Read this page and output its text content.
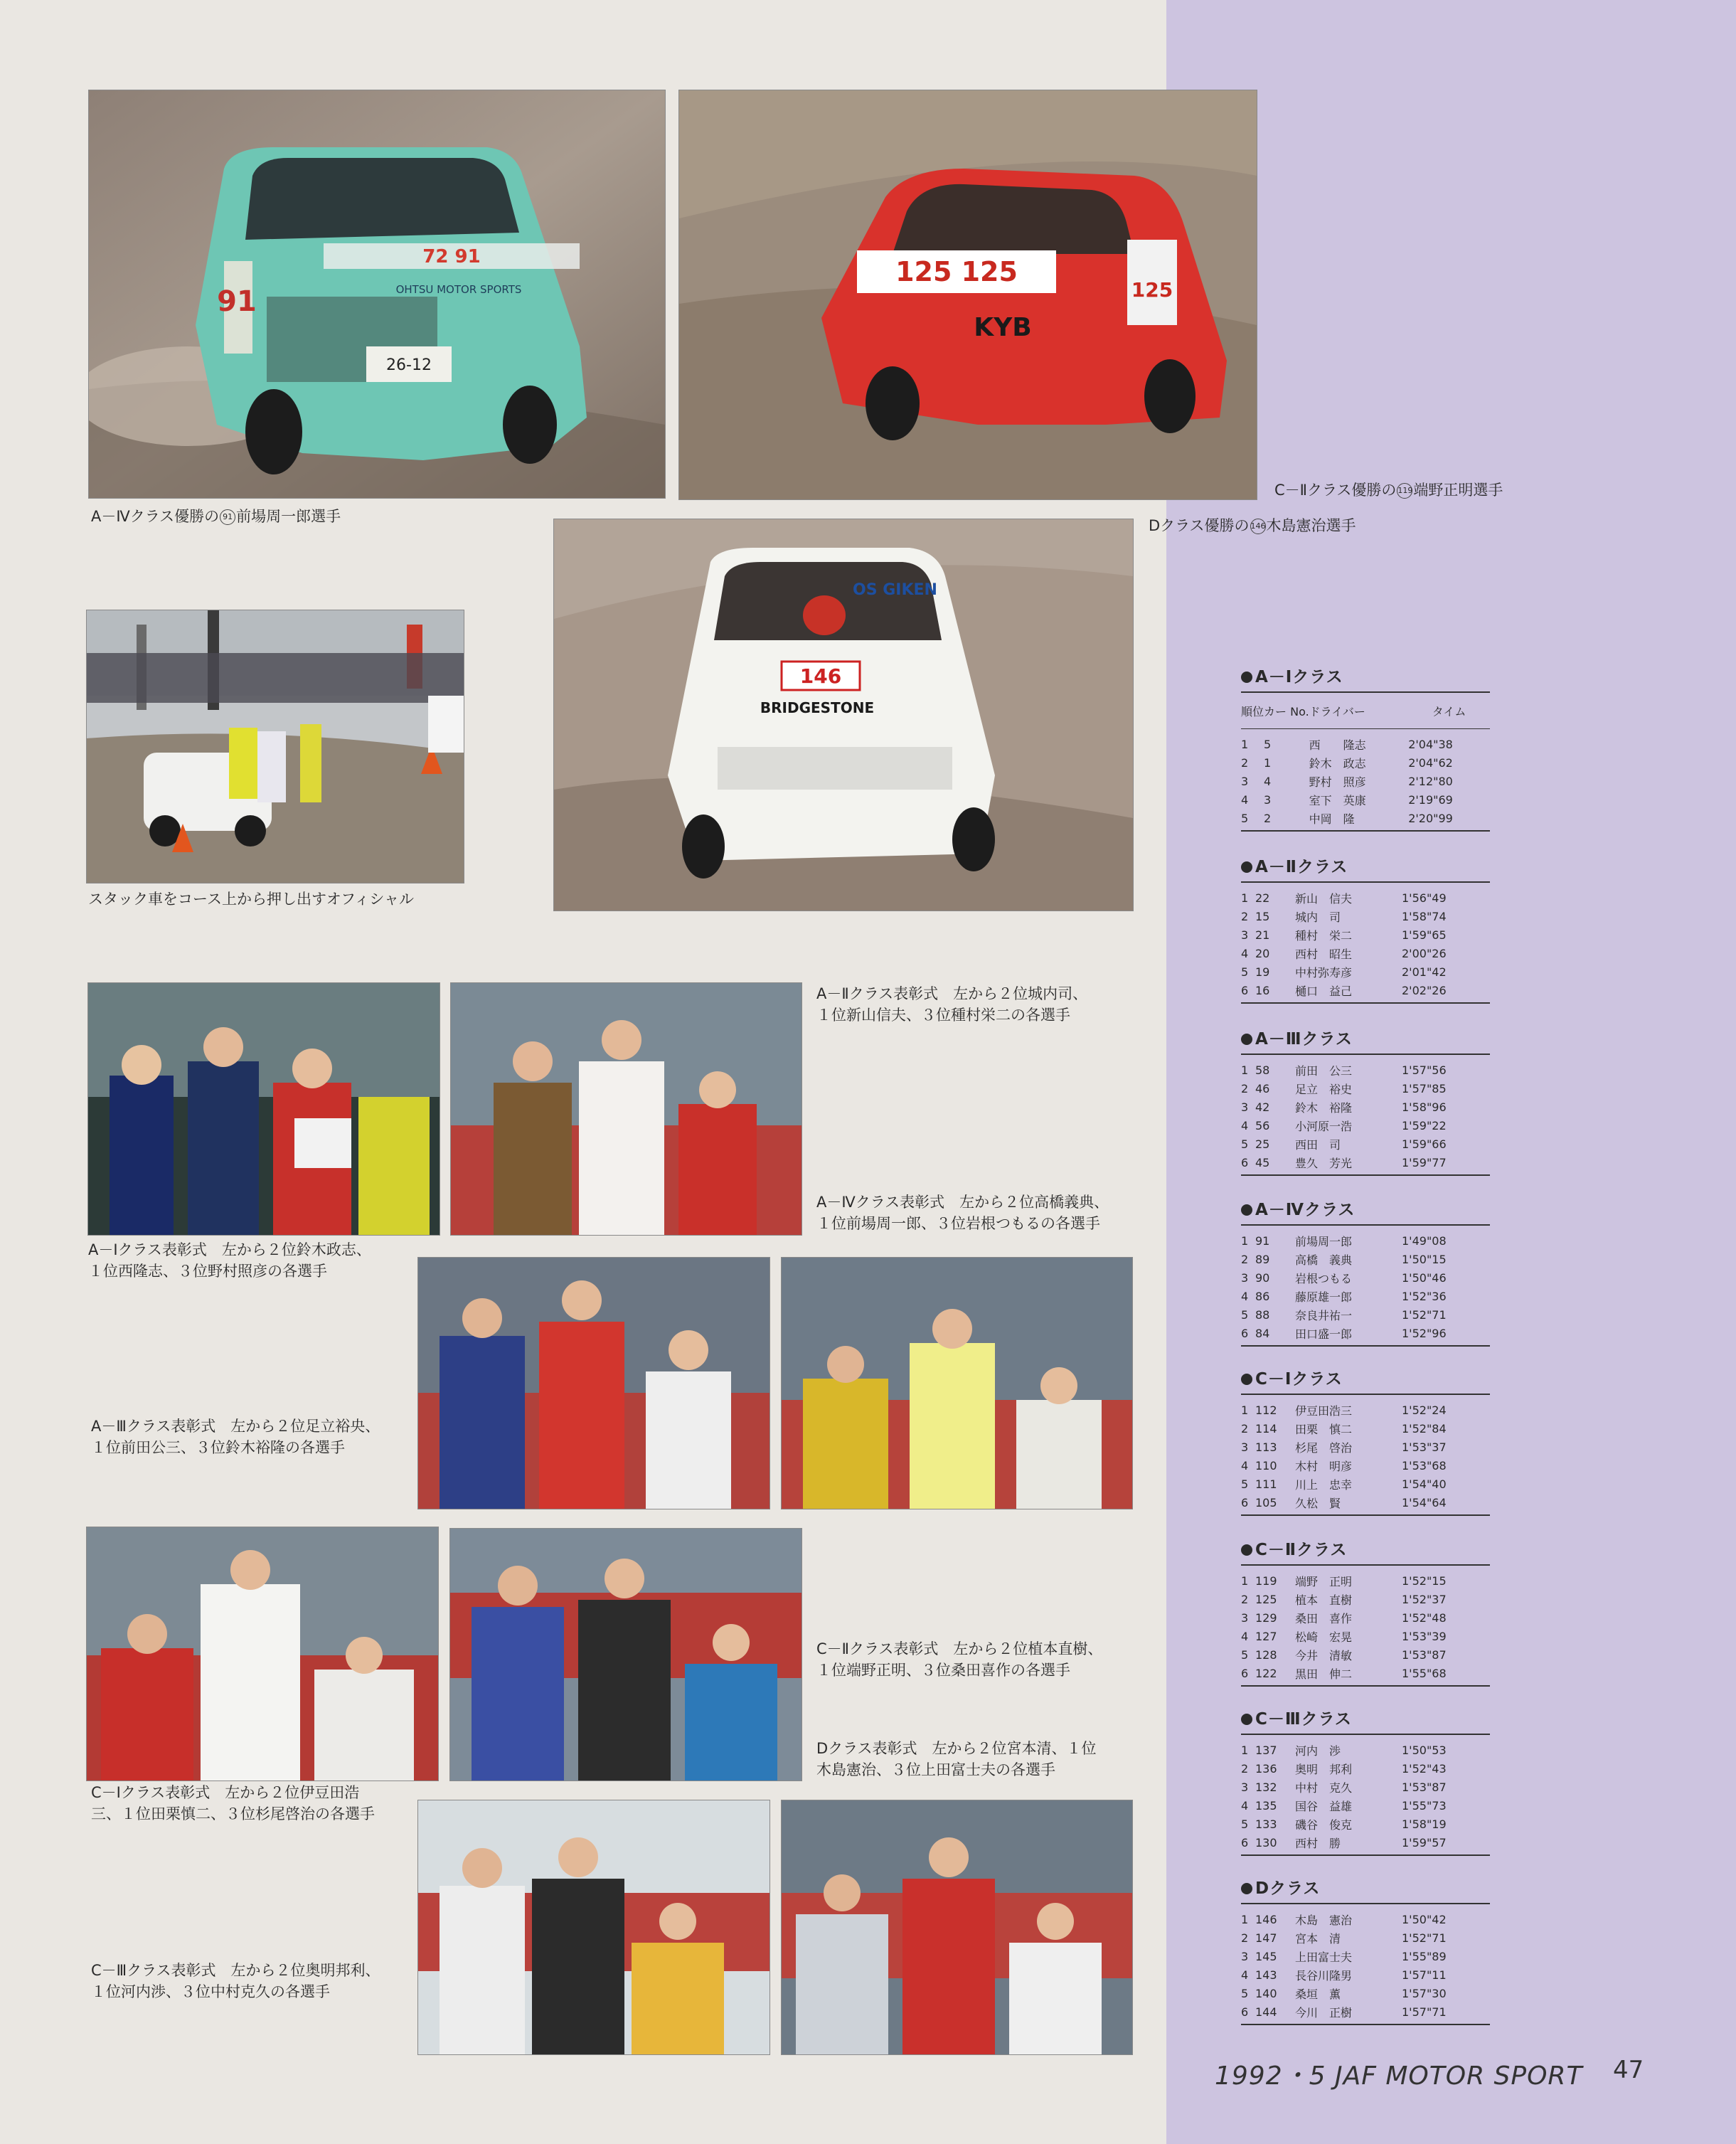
26-12
72 91
OHTSU MOTOR SPORTS
91
125 125
125
KYB
OS GIKEN
BRIDGESTONE
146
A－Ⅳクラス優勝の 91 前場周一郎選手
C－Ⅱクラス優勝の 119端野正明選手
Dクラス優勝の 146木島憲治選手
スタック車をコース上から押し出すオフィシャル
A－Ⅱクラス表彰式　左から２位城内司、
１位新山信夫、３位種村栄二の各選手
A－Ⅳクラス表彰式　左から２位高橋義典、
１位前場周一郎、３位岩根つもるの各選手
A－Ⅰクラス表彰式　左から２位鈴木政志、
１位西隆志、３位野村照彦の各選手
A－Ⅲクラス表彰式　左から２位足立裕央、
１位前田公三、３位鈴木裕隆の各選手
C－Ⅱクラス表彰式　左から２位植本直樹、
１位端野正明、３位桑田喜作の各選手
Dクラス表彰式　左から２位宮本清、１位
木島憲治、３位上田富士夫の各選手
C－Ⅰクラス表彰式　左から２位伊豆田浩
三、１位田栗慎二、３位杉尾啓治の各選手
C－Ⅲクラス表彰式　左から２位奥明邦利、
１位河内渉、３位中村克久の各選手
A－Ⅰクラス
順位	カー No.	ドライバー	タイム
1	5	西　　隆志	2'04"38
2	1	鈴木　政志	2'04"62
3	4	野村　照彦	2'12"80
4	3	室下　英康	2'19"69
5	2	中岡　隆	2'20"99
A－Ⅱクラス
1	22	新山　信夫	1'56"49
2	15	城内　司	1'58"74
3	21	種村　栄二	1'59"65
4	20	西村　昭生	2'00"26
5	19	中村弥寿彦	2'01"42
6	16	樋口　益己	2'02"26
A－Ⅲクラス
1	58	前田　公三	1'57"56
2	46	足立　裕史	1'57"85
3	42	鈴木　裕隆	1'58"96
4	56	小河原一浩	1'59"22
5	25	西田　司	1'59"66
6	45	豊久　芳光	1'59"77
A－Ⅳクラス
1	91	前場周一郎	1'49"08
2	89	高橋　義典	1'50"15
3	90	岩根つもる	1'50"46
4	86	藤原雄一郎	1'52"36
5	88	奈良井祐一	1'52"71
6	84	田口盛一郎	1'52"96
C－Ⅰクラス
1	112	伊豆田浩三	1'52"24
2	114	田栗　慎二	1'52"84
3	113	杉尾　啓治	1'53"37
4	110	木村　明彦	1'53"68
5	111	川上　忠幸	1'54"40
6	105	久松　賢	1'54"64
C－Ⅱクラス
1	119	端野　正明	1'52"15
2	125	植本　直樹	1'52"37
3	129	桑田　喜作	1'52"48
4	127	松崎　宏晃	1'53"39
5	128	今井　清敏	1'53"87
6	122	黒田　伸二	1'55"68
C－Ⅲクラス
1	137	河内　渉	1'50"53
2	136	奥明　邦利	1'52"43
3	132	中村　克久	1'53"87
4	135	国谷　益雄	1'55"73
5	133	磯谷　俊克	1'58"19
6	130	西村　勝	1'59"57
Dクラス
1	146	木島　憲治	1'50"42
2	147	宮本　清	1'52"71
3	145	上田富士夫	1'55"89
4	143	長谷川隆男	1'57"11
5	140	桑垣　薫	1'57"30
6	144	今川　正樹	1'57"71
1992・5 JAF MOTOR SPORT 47
